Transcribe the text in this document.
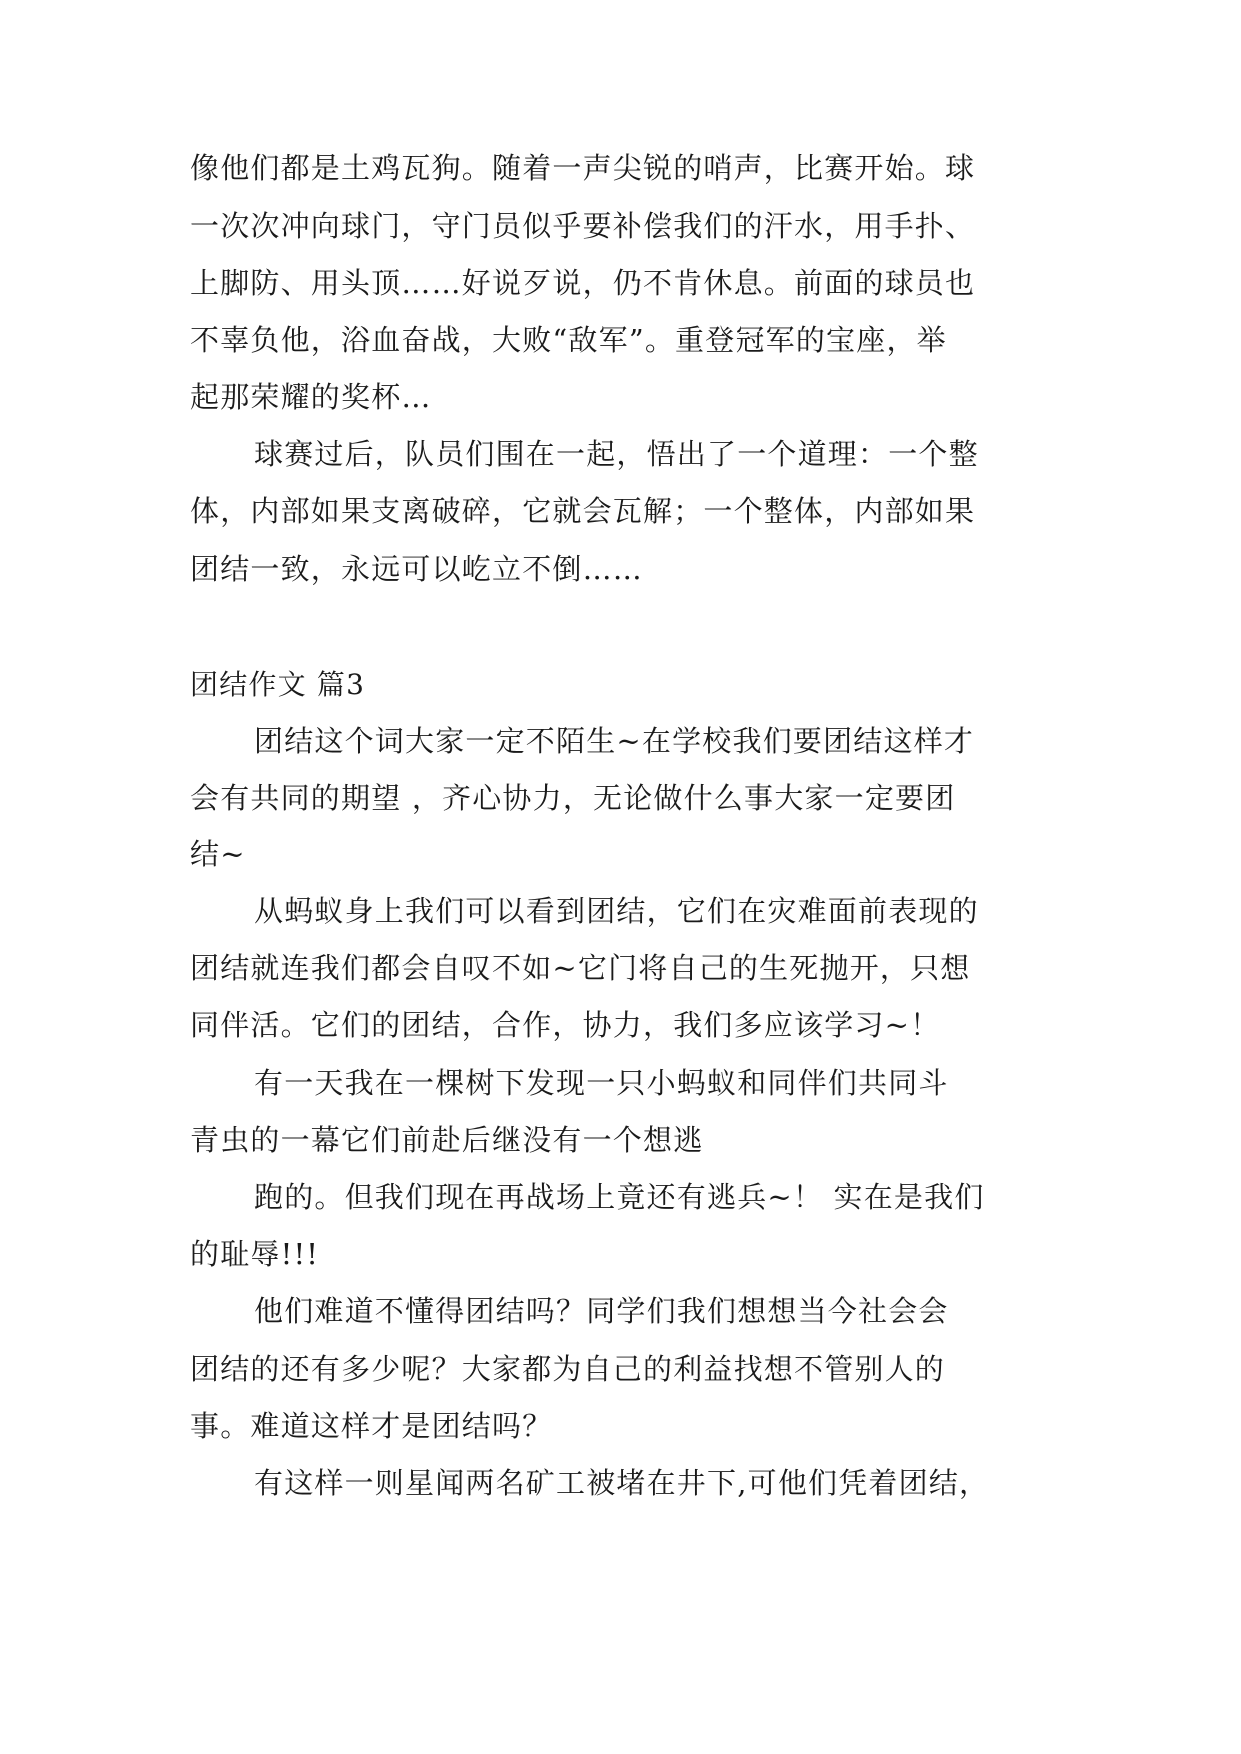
像他们都是土鸡瓦狗。随着一声尖锐的哨声，比赛开始。球
一次次冲向球门，守门员似乎要补偿我们的汗水，用手扑、
上脚防、用头顶……好说歹说，仍不肯休息。前面的球员也
不辜负他，浴血奋战，大败“敌军”。重登冠军的宝座，举
起那荣耀的奖杯…
球赛过后，队员们围在一起，悟出了一个道理：一个整
体，内部如果支离破碎，它就会瓦解；一个整体，内部如果
团结一致，永远可以屹立不倒……
团结作文 篇3
团结这个词大家一定不陌生~在学校我们要团结这样才
会有共同的期望 ，齐心协力，无论做什么事大家一定要团
结~
从蚂蚁身上我们可以看到团结，它们在灾难面前表现的
团结就连我们都会自叹不如~它门将自己的生死抛开，只想
同伴活。它们的团结，合作，协力，我们多应该学习~！
有一天我在一棵树下发现一只小蚂蚁和同伴们共同斗
青虫的一幕它们前赴后继没有一个想逃
跑的。但我们现在再战场上竟还有逃兵~！ 实在是我们
的耻辱!!!
他们难道不懂得团结吗？同学们我们想想当今社会会
团结的还有多少呢？大家都为自己的利益找想不管别人的
事。难道这样才是团结吗？
有这样一则星闻两名矿工被堵在井下,可他们凭着团结，
